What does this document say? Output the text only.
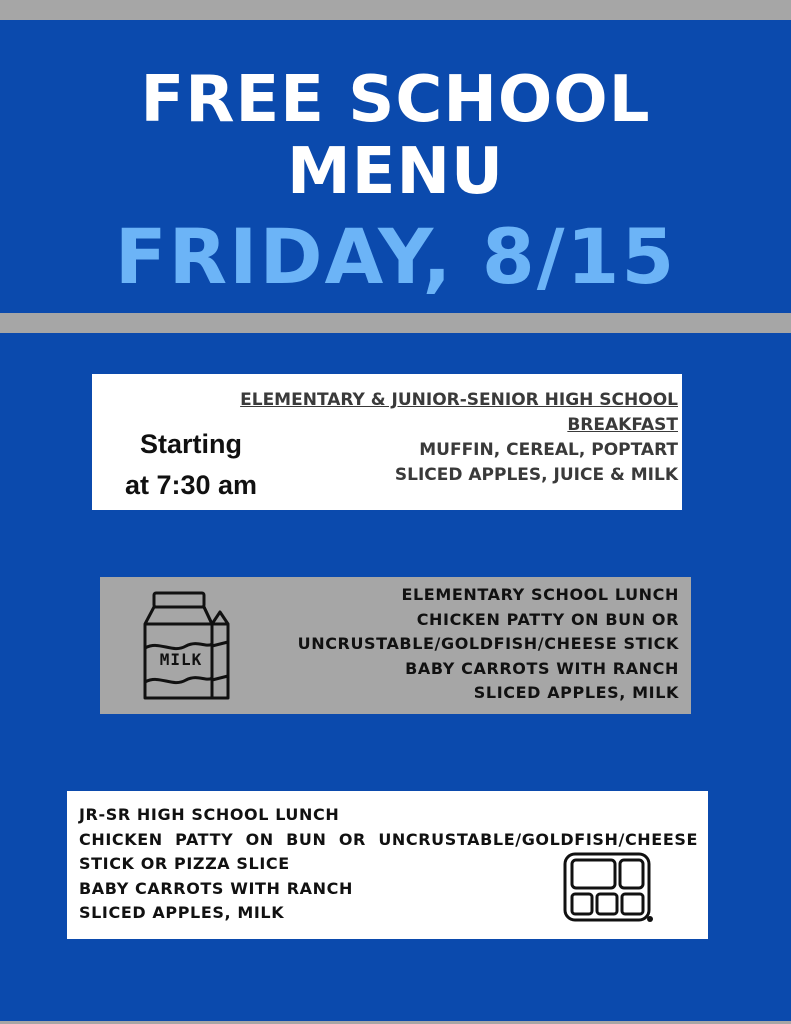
FREE SCHOOL
MENU
FRIDAY, 8/15
Starting
at 7:30 am
ELEMENTARY & JUNIOR-SENIOR HIGH SCHOOL
BREAKFAST
MUFFIN, CEREAL, POPTART
SLICED APPLES, JUICE & MILK
MILK
ELEMENTARY SCHOOL LUNCH
CHICKEN PATTY ON BUN OR
UNCRUSTABLE/GOLDFISH/CHEESE STICK
BABY CARROTS WITH RANCH
SLICED APPLES, MILK
JR-SR HIGH SCHOOL LUNCH
CHICKEN  PATTY  ON  BUN  OR  UNCRUSTABLE/GOLDFISH/CHEESE
STICK OR PIZZA SLICE
BABY CARROTS WITH RANCH
SLICED APPLES, MILK
